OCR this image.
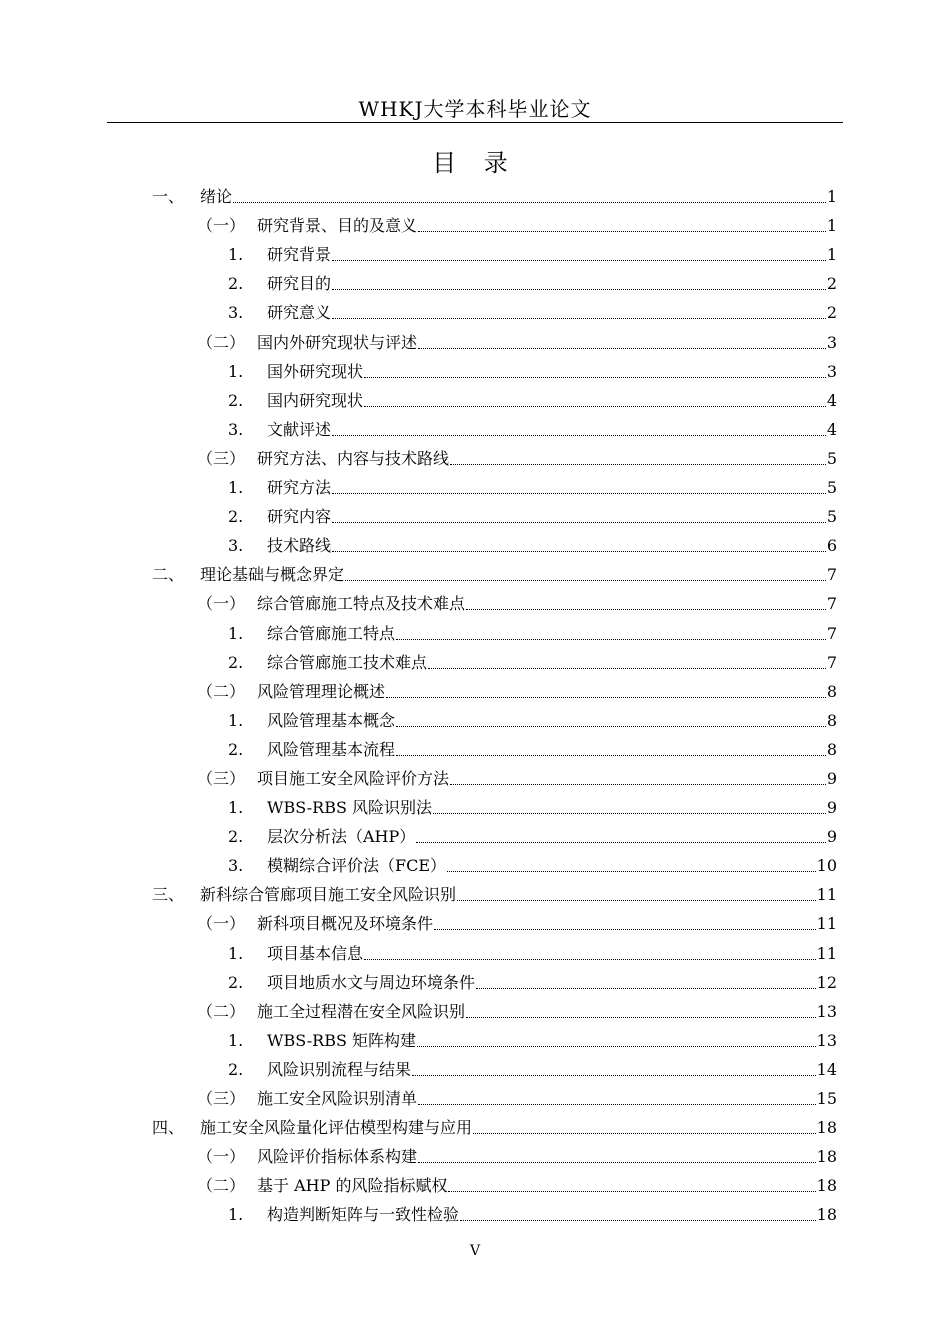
WHKJ大学本科毕业论文
目 录
一、 绪论	1
（一） 研究背景、目的及意义	1
1. 研究背景	1
2. 研究目的	2
3. 研究意义	2
（二） 国内外研究现状与评述	3
1. 国外研究现状	3
2. 国内研究现状	4
3. 文献评述	4
（三） 研究方法、内容与技术路线	5
1. 研究方法	5
2. 研究内容	5
3. 技术路线	6
二、 理论基础与概念界定	7
（一） 综合管廊施工特点及技术难点	7
1. 综合管廊施工特点	7
2. 综合管廊施工技术难点	7
（二） 风险管理理论概述	8
1. 风险管理基本概念	8
2. 风险管理基本流程	8
（三） 项目施工安全风险评价方法	9
1. WBS-RBS 风险识别法	9
2. 层次分析法（AHP）	9
3. 模糊综合评价法（FCE）	10
三、 新科综合管廊项目施工安全风险识别	11
（一） 新科项目概况及环境条件	11
1. 项目基本信息	11
2. 项目地质水文与周边环境条件	12
（二） 施工全过程潜在安全风险识别	13
1. WBS-RBS 矩阵构建	13
2. 风险识别流程与结果	14
（三） 施工安全风险识别清单	15
四、 施工安全风险量化评估模型构建与应用	18
（一） 风险评价指标体系构建	18
（二） 基于 AHP 的风险指标赋权	18
1. 构造判断矩阵与一致性检验	18
V
